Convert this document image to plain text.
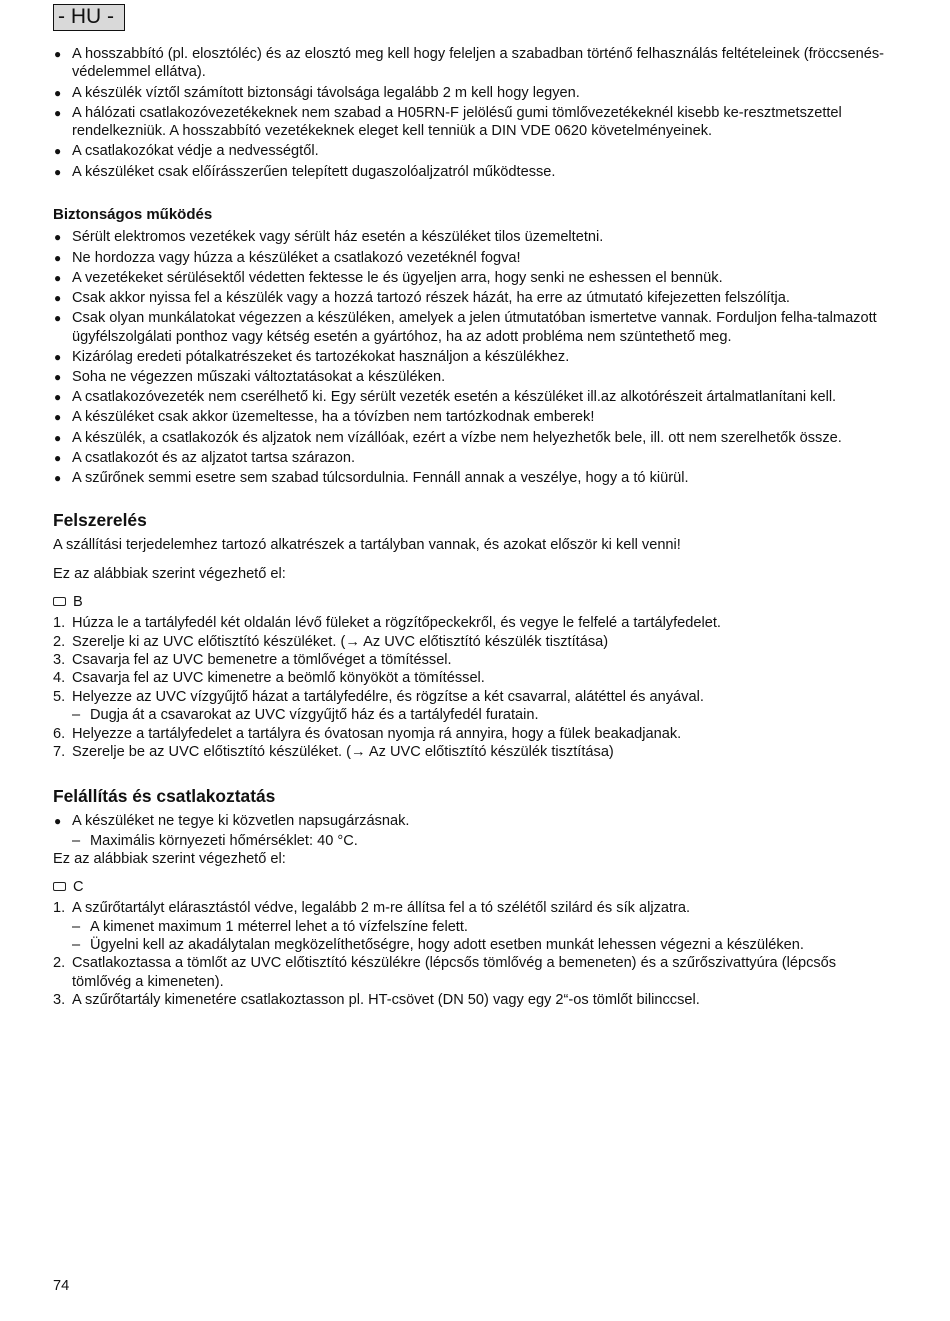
- HU -
● A hosszabbító (pl. elosztóléc) és az elosztó meg kell hogy feleljen a szabadban történő felhasználás feltételeinek (fröccsenés-védelemmel ellátva).
● A készülék víztől számított biztonsági távolsága legalább 2 m kell hogy legyen.
● A hálózati csatlakozóvezetékeknek nem szabad a H05RN-F jelölésű gumi tömlővezetékeknél kisebb ke-resztmetszettel rendelkezniük. A hosszabbító vezetékeknek eleget kell tenniük a DIN VDE 0620 követelményeinek.
● A csatlakozókat védje a nedvességtől.
● A készüléket csak előírásszerűen telepített dugaszolóaljzatról működtesse.
Biztonságos működés
● Sérült elektromos vezetékek vagy sérült ház esetén a készüléket tilos üzemeltetni.
● Ne hordozza vagy húzza a készüléket a csatlakozó vezetéknél fogva!
● A vezetékeket sérülésektől védetten fektesse le és ügyeljen arra, hogy senki ne eshessen el bennük.
● Csak akkor nyissa fel a készülék vagy a hozzá tartozó részek házát, ha erre az útmutató kifejezetten felszólítja.
● Csak olyan munkálatokat végezzen a készüléken, amelyek a jelen útmutatóban ismertetve vannak. Forduljon felha-talmazott ügyfélszolgálati ponthoz vagy kétség esetén a gyártóhoz, ha az adott probléma nem szüntethető meg.
● Kizárólag eredeti pótalkatrészeket és tartozékokat használjon a készülékhez.
● Soha ne végezzen műszaki változtatásokat a készüléken.
● A csatlakozóvezeték nem cserélhető ki. Egy sérült vezeték esetén a készüléket ill.az alkotórészeit ártalmatlanítani kell.
● A készüléket csak akkor üzemeltesse, ha a tóvízben nem tartózkodnak emberek!
● A készülék, a csatlakozók és aljzatok nem vízállóak, ezért a vízbe nem helyezhetők bele, ill. ott nem szerelhetők össze.
● A csatlakozót és az aljzatot tartsa szárazon.
● A szűrőnek semmi esetre sem szabad túlcsordulnia. Fennáll annak a veszélye, hogy a tó kiürül.
Felszerelés

A szállítási terjedelemhez tartozó alkatrészek a tartályban vannak, és azokat először ki kell venni!

Ez az alábbiak szerint végezhető el:

B
1. Húzza le a tartályfedél két oldalán lévő füleket a rögzítőpeckekről, és vegye le felfelé a tartályfedelet.
2. Szerelje ki az UVC előtisztító készüléket. (→ Az UVC előtisztító készülék tisztítása)
3. Csavarja fel az UVC bemenetre a tömlővéget a tömítéssel.
4. Csavarja fel az UVC kimenetre a beömlő könyököt a tömítéssel.
5. Helyezze az UVC vízgyűjtő házat a tartályfedélre, és rögzítse a két csavarral, alátéttel és anyával.
– Dugja át a csavarokat az UVC vízgyűjtő ház és a tartályfedél furatain.
6. Helyezze a tartályfedelet a tartályra és óvatosan nyomja rá annyira, hogy a fülek beakadjanak.
7. Szerelje be az UVC előtisztító készüléket. (→ Az UVC előtisztító készülék tisztítása)
Felállítás és csatlakoztatás
● A készüléket ne tegye ki közvetlen napsugárzásnak.
– Maximális környezeti hőmérséklet: 40 °C.

Ez az alábbiak szerint végezhető el:

C
1. A szűrőtartályt elárasztástól védve, legalább 2 m-re állítsa fel a tó szélétől szilárd és sík aljzatra.
– A kimenet maximum 1 méterrel lehet a tó vízfelszíne felett.
– Ügyelni kell az akadálytalan megközelíthetőségre, hogy adott esetben munkát lehessen végezni a készüléken.
2. Csatlakoztassa a tömlőt az UVC előtisztító készülékre (lépcsős tömlővég a bemeneten) és a szűrőszivattyúra (lépcsős tömlővég a kimeneten).
3. A szűrőtartály kimenetére csatlakoztasson pl. HT-csövet (DN 50) vagy egy 2“-os tömlőt bilinccsel.
74
